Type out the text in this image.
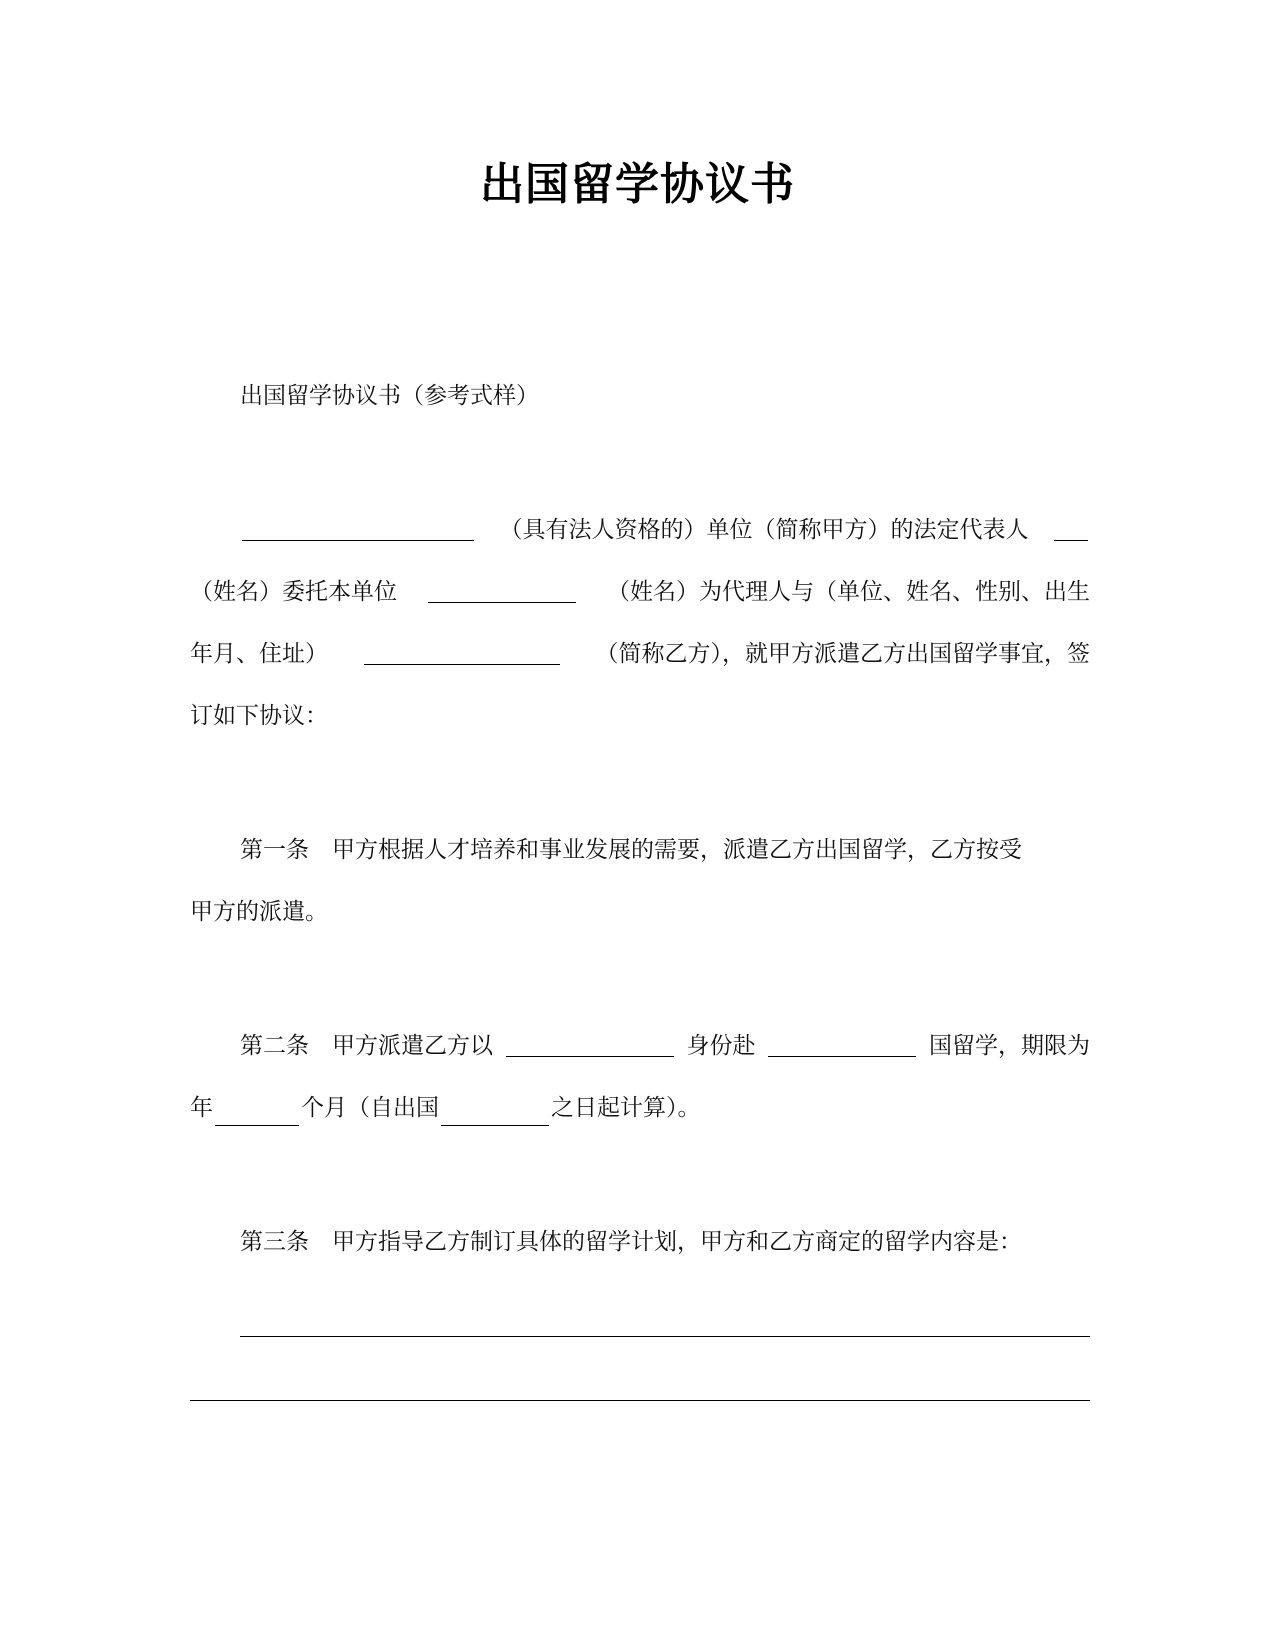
出国留学协议书
出国留学协议书（参考式样）
（具有法人资格的）单位（简称甲方）的法定代表人
（姓名）委托本单位	（姓名）为代理人与（单位、姓名、性别、出生
年月、住址）	（简称乙方），就甲方派遣乙方出国留学事宜，签
订如下协议：
第一条　甲方根据人才培养和事业发展的需要，派遣乙方出国留学，乙方按受
甲方的派遣。
第二条　甲方派遣乙方以	身份赴	国留学，期限为
年	个月（自出国	之日起计算）。
第三条　甲方指导乙方制订具体的留学计划，甲方和乙方商定的留学内容是：
